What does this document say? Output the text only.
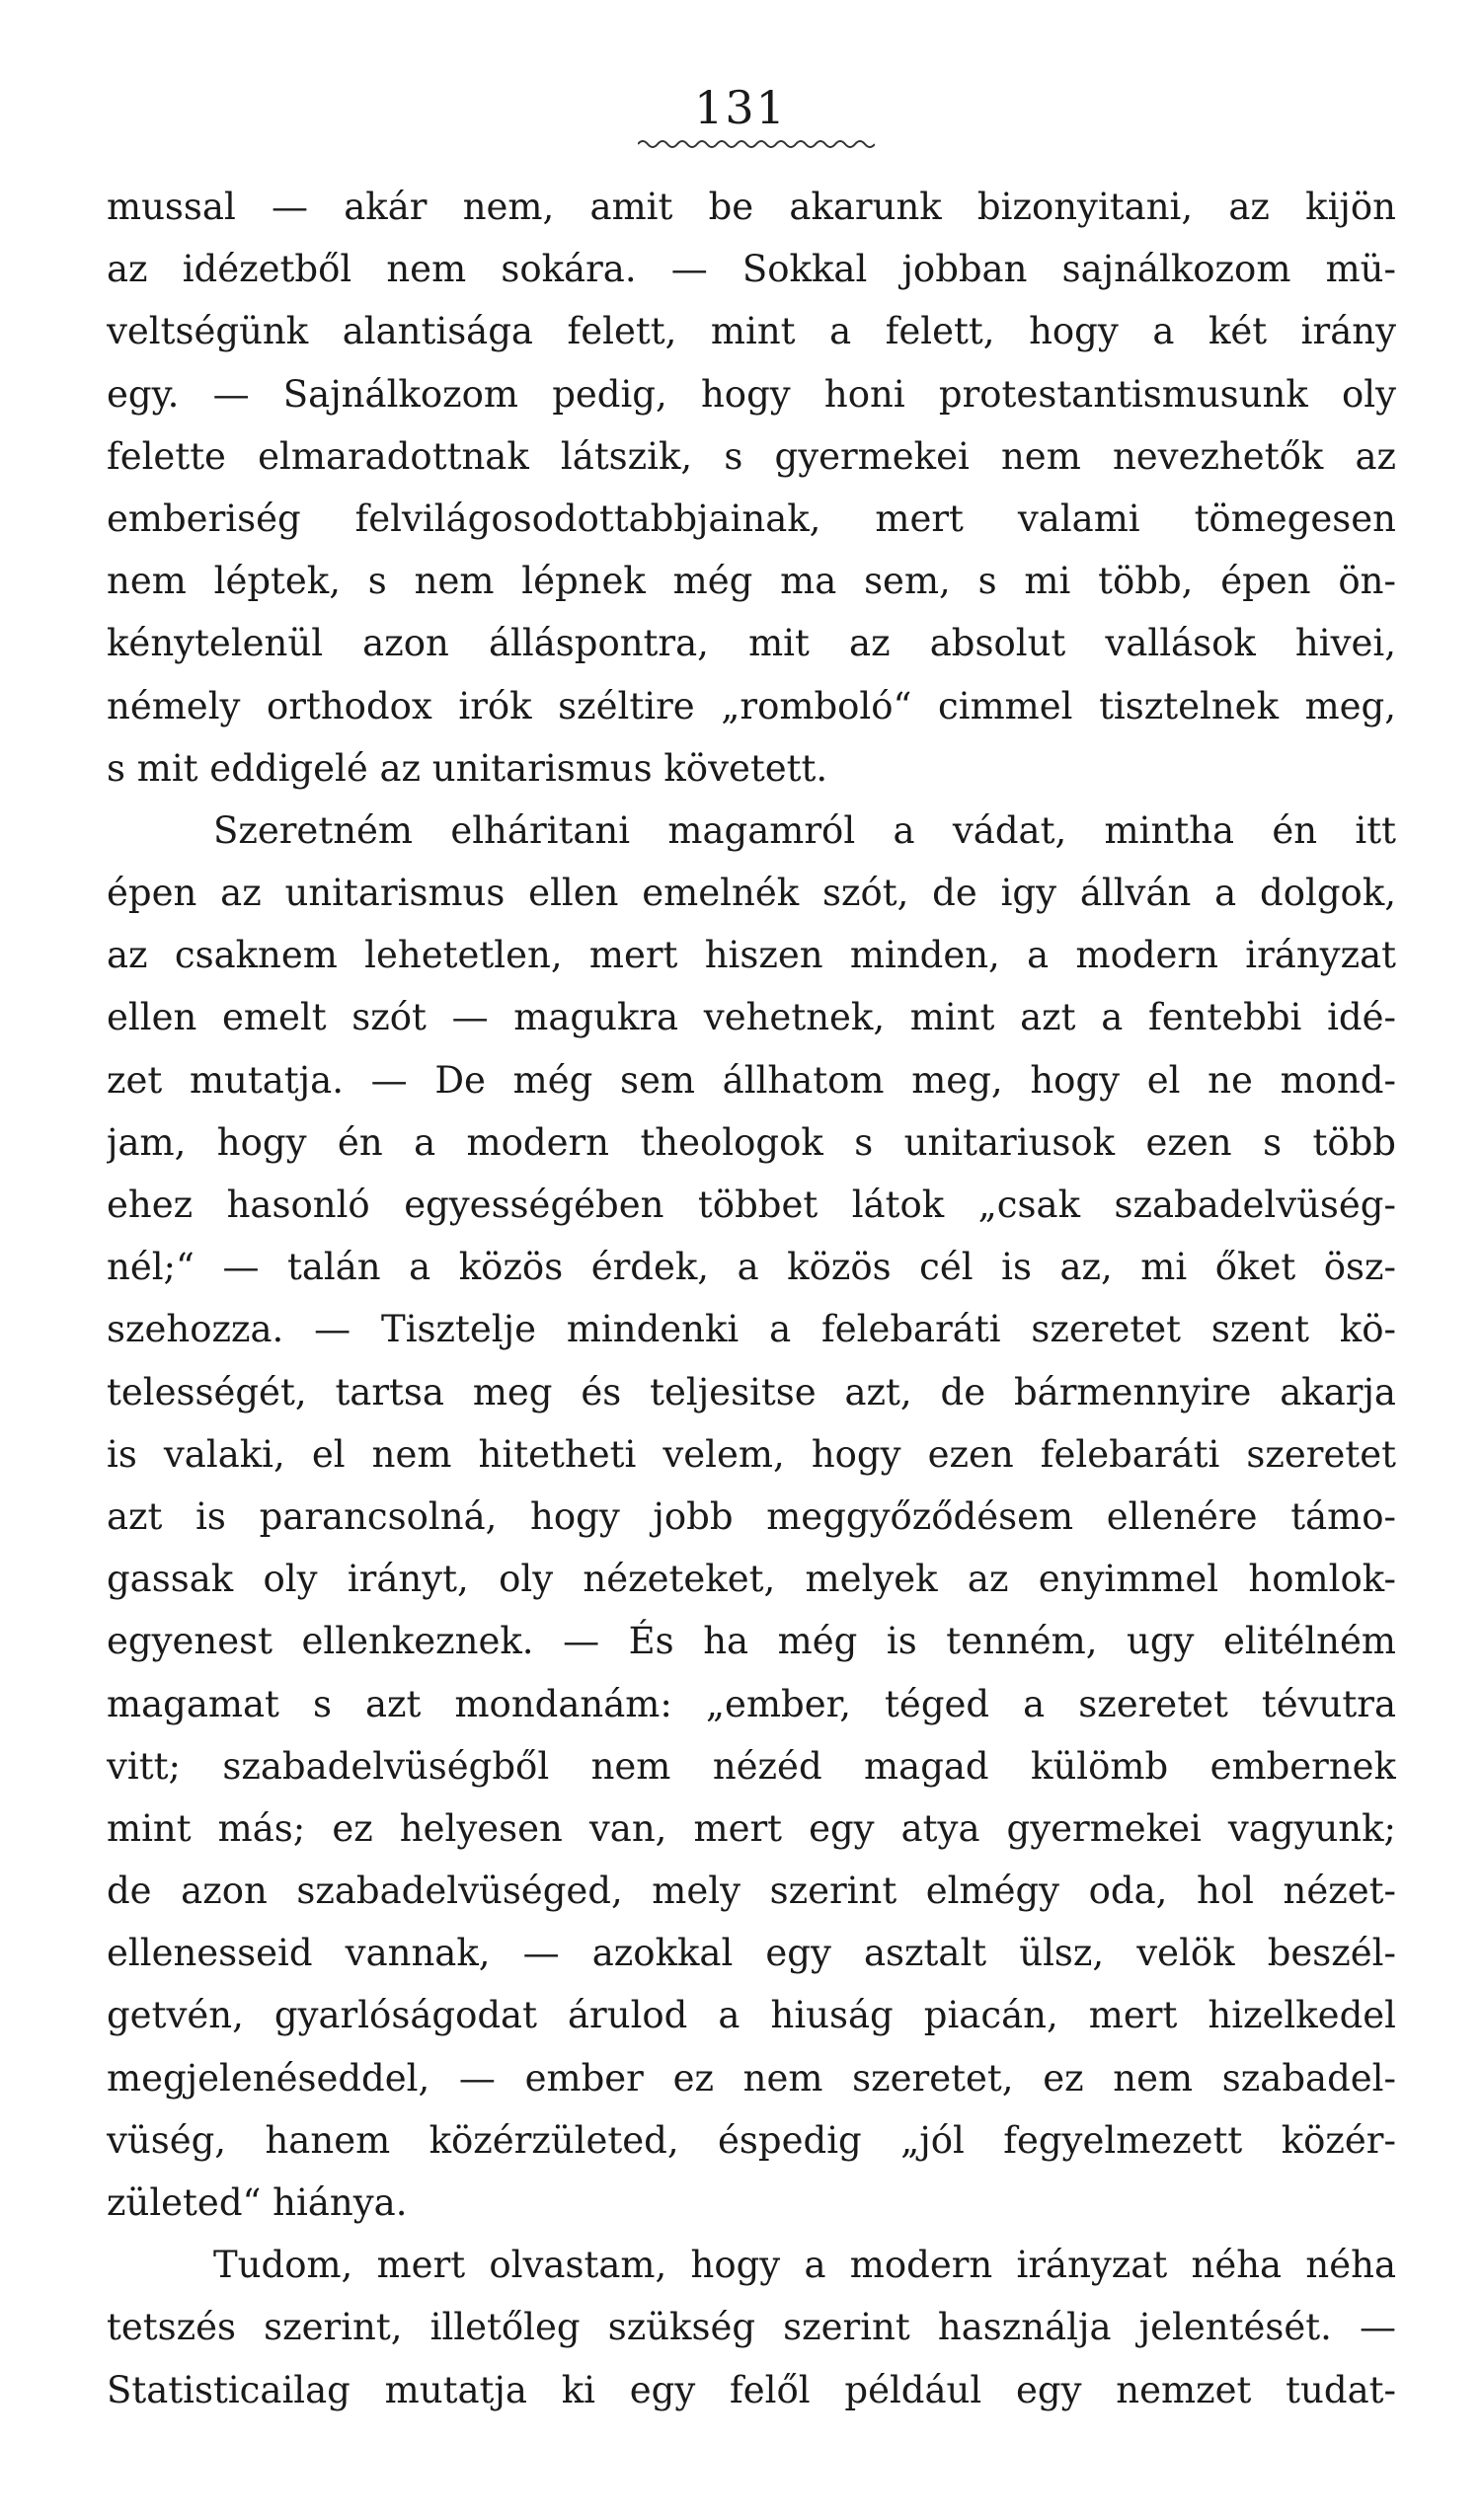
131
mussal — akár nem, amit be akarunk bizonyitani, az kijön
az idézetből nem sokára. — Sokkal jobban sajnálkozom mü-
veltségünk alantisága felett, mint a felett, hogy a két irány
egy. — Sajnálkozom pedig, hogy honi protestantismusunk oly
felette elmaradottnak látszik, s gyermekei nem nevezhetők az
emberiség felvilágosodottabbjainak, mert valami tömegesen
nem léptek, s nem lépnek még ma sem, s mi több, épen ön-
kénytelenül azon álláspontra, mit az absolut vallások hivei,
némely orthodox irók széltire „romboló“ cimmel tisztelnek meg,
s mit eddigelé az unitarismus követett.
Szeretném elháritani magamról a vádat, mintha én itt
épen az unitarismus ellen emelnék szót, de igy állván a dolgok,
az csaknem lehetetlen, mert hiszen minden, a modern irányzat
ellen emelt szót — magukra vehetnek, mint azt a fentebbi idé-
zet mutatja. — De még sem állhatom meg, hogy el ne mond-
jam, hogy én a modern theologok s unitariusok ezen s több
ehez hasonló egyességében többet látok „csak szabadelvüség-
nél;“ — talán a közös érdek, a közös cél is az, mi őket ösz-
szehozza. — Tisztelje mindenki a felebaráti szeretet szent kö-
telességét, tartsa meg és teljesitse azt, de bármennyire akarja
is valaki, el nem hitetheti velem, hogy ezen felebaráti szeretet
azt is parancsolná, hogy jobb meggyőződésem ellenére támo-
gassak oly irányt, oly nézeteket, melyek az enyimmel homlok-
egyenest ellenkeznek. — És ha még is tenném, ugy elitélném
magamat s azt mondanám: „ember, téged a szeretet tévutra
vitt; szabadelvüségből nem nézéd magad külömb embernek
mint más; ez helyesen van, mert egy atya gyermekei vagyunk;
de azon szabadelvüséged, mely szerint elmégy oda, hol nézet-
ellenesseid vannak, — azokkal egy asztalt ülsz, velök beszél-
getvén, gyarlóságodat árulod a hiuság piacán, mert hizelkedel
megjelenéseddel, — ember ez nem szeretet, ez nem szabadel-
vüség, hanem közérzületed, éspedig „jól fegyelmezett közér-
zületed“ hiánya.
Tudom, mert olvastam, hogy a modern irányzat néha néha
tetszés szerint, illetőleg szükség szerint használja jelentését. —
Statisticailag mutatja ki egy felől például egy nemzet tudat-
